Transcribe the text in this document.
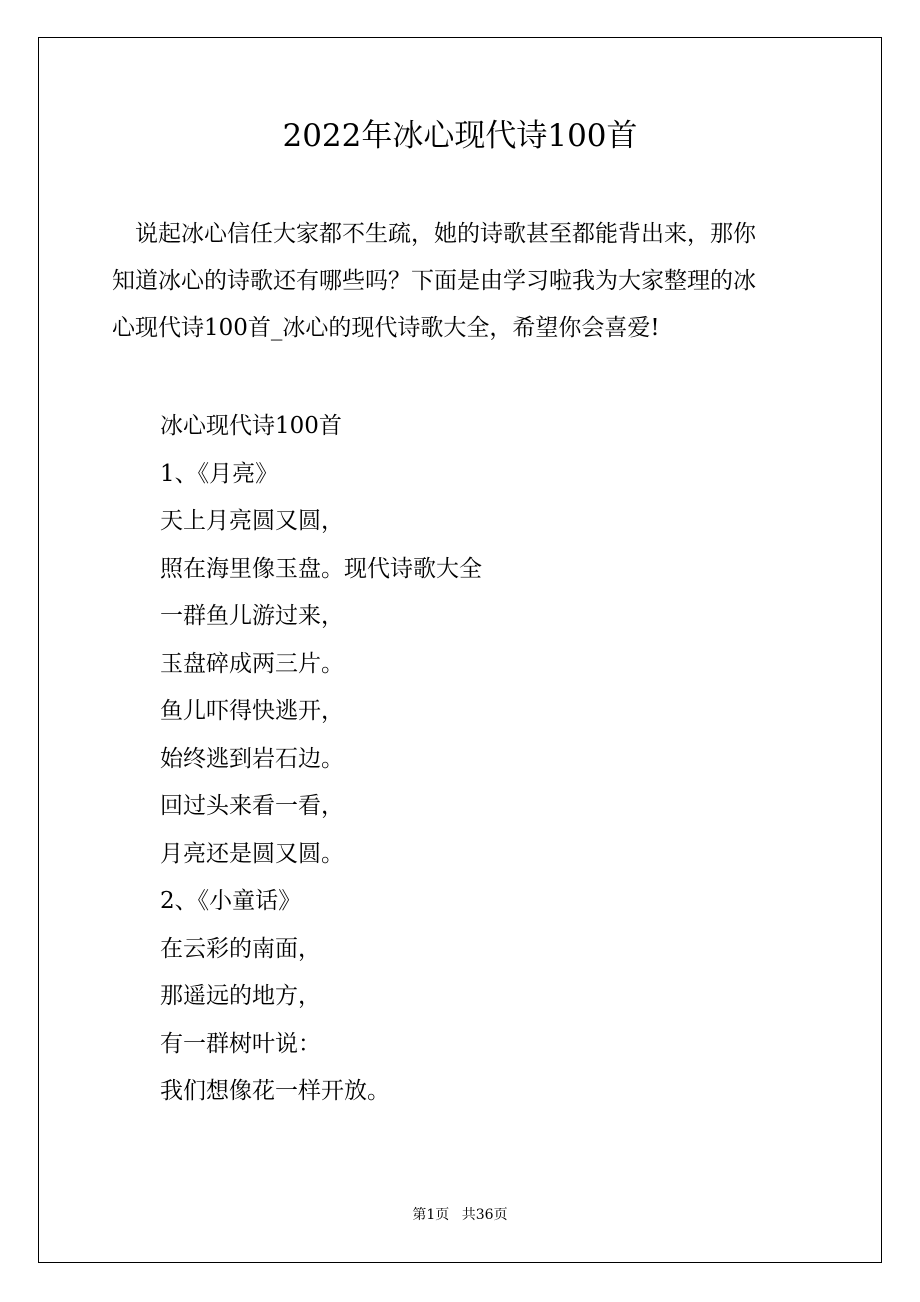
2022年冰心现代诗100首

说起冰心信任大家都不生疏，她的诗歌甚至都能背出来，那你

知道冰心的诗歌还有哪些吗？下面是由学习啦我为大家整理的冰

心现代诗100首_冰心的现代诗歌大全，希望你会喜爱!

冰心现代诗100首
1、《月亮》
天上月亮圆又圆，
照在海里像玉盘。现代诗歌大全
一群鱼儿游过来，
玉盘碎成两三片。
鱼儿吓得快逃开，
始终逃到岩石边。
回过头来看一看，
月亮还是圆又圆。
2、《小童话》
在云彩的南面，
那遥远的地方，
有一群树叶说：
我们想像花一样开放。
第1页 共36页
